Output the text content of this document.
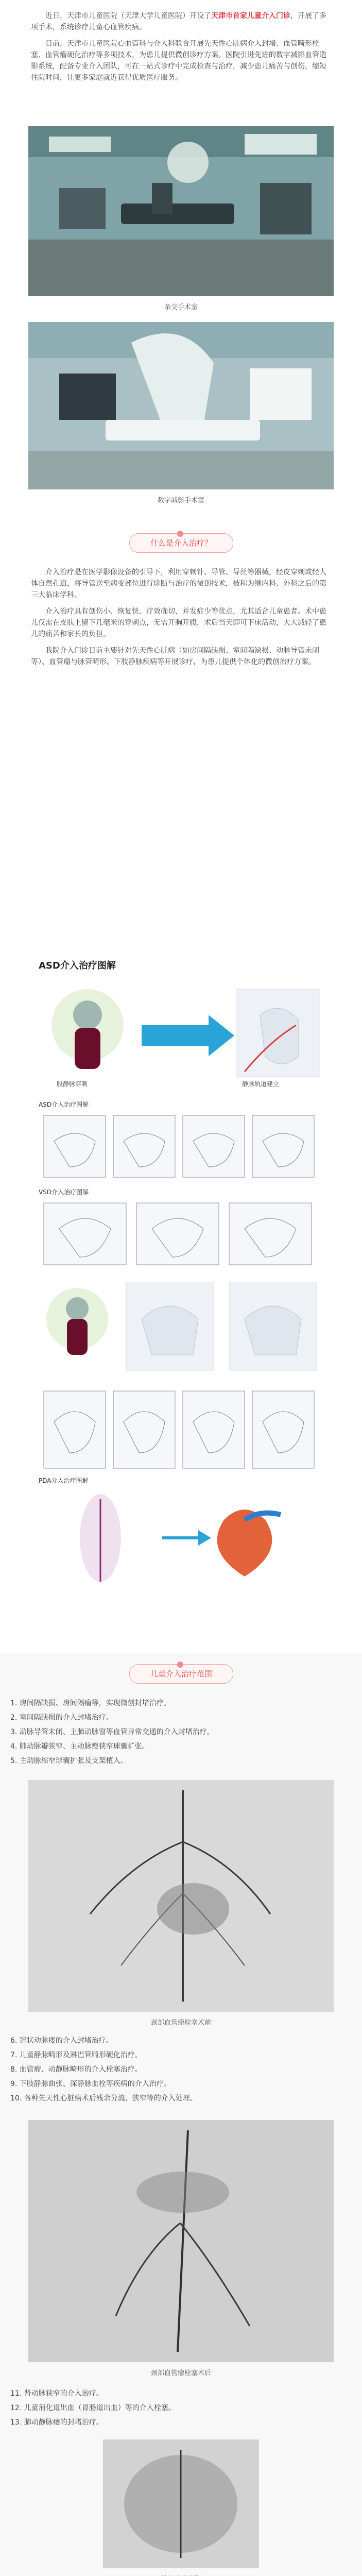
近日，天津市儿童医院（天津大学儿童医院）开设了天津市首家儿童介入门诊，开展了多项手术，系统诊疗儿童心血管疾病。

目前，天津市儿童医院心血管科与介入科联合开展先天性心脏病介入封堵、血管畸形栓塞、血管瘤硬化治疗等多项技术，为患儿提供微创诊疗方案。医院引进先进的数字减影血管造影系统，配备专业介入团队，可在一站式诊疗中完成检查与治疗，减少患儿痛苦与创伤，缩短住院时间，让更多家庭就近获得优质医疗服务。

杂交手术室
数字减影手术室
什么是介入治疗？

介入治疗是在医学影像设备的引导下，利用穿刺针、导管、导丝等器械，经皮穿刺或经人体自然孔道，将导管送至病变部位进行诊断与治疗的微创技术，被称为继内科、外科之后的第三大临床学科。

介入治疗具有创伤小、恢复快、疗效确切、并发症少等优点，尤其适合儿童患者。术中患儿仅需在皮肤上留下几毫米的穿刺点，无需开胸开腹，术后当天即可下床活动，大大减轻了患儿的痛苦和家长的负担。

我院介入门诊目前主要针对先天性心脏病（如房间隔缺损、室间隔缺损、动脉导管未闭等）、血管瘤与脉管畸形、下肢静脉疾病等开展诊疗，为患儿提供个体化的微创治疗方案。

ASD介入治疗图解
股静脉穿刺	静脉轨道建立
ASD介入治疗图解
VSD介入治疗图解
PDA介入治疗图解
儿童介入治疗范围

1. 房间隔缺损、房间隔瘤等，实现微创封堵治疗。

2. 室间隔缺损的介入封堵治疗。

3. 动脉导管未闭、主肺动脉窗等血管异常交通的介入封堵治疗。

4. 肺动脉瓣狭窄、主动脉瓣狭窄球囊扩张。

5. 主动脉缩窄球囊扩张及支架植入。

颈部血管瘤栓塞术前

6. 冠状动脉瘘的介入封堵治疗。

7. 儿童静脉畸形及淋巴管畸形硬化治疗。

8. 血管瘤、动静脉畸形的介入栓塞治疗。

9. 下肢静脉曲张、深静脉血栓等疾病的介入治疗。

10. 各种先天性心脏病术后残余分流、狭窄等的介入处理。

颈部血管瘤栓塞术后

11. 肾动脉狭窄的介入治疗。

12. 儿童消化道出血（胃肠道出血）等的介入栓塞。

13. 肺动静脉瘘的封堵治疗。
